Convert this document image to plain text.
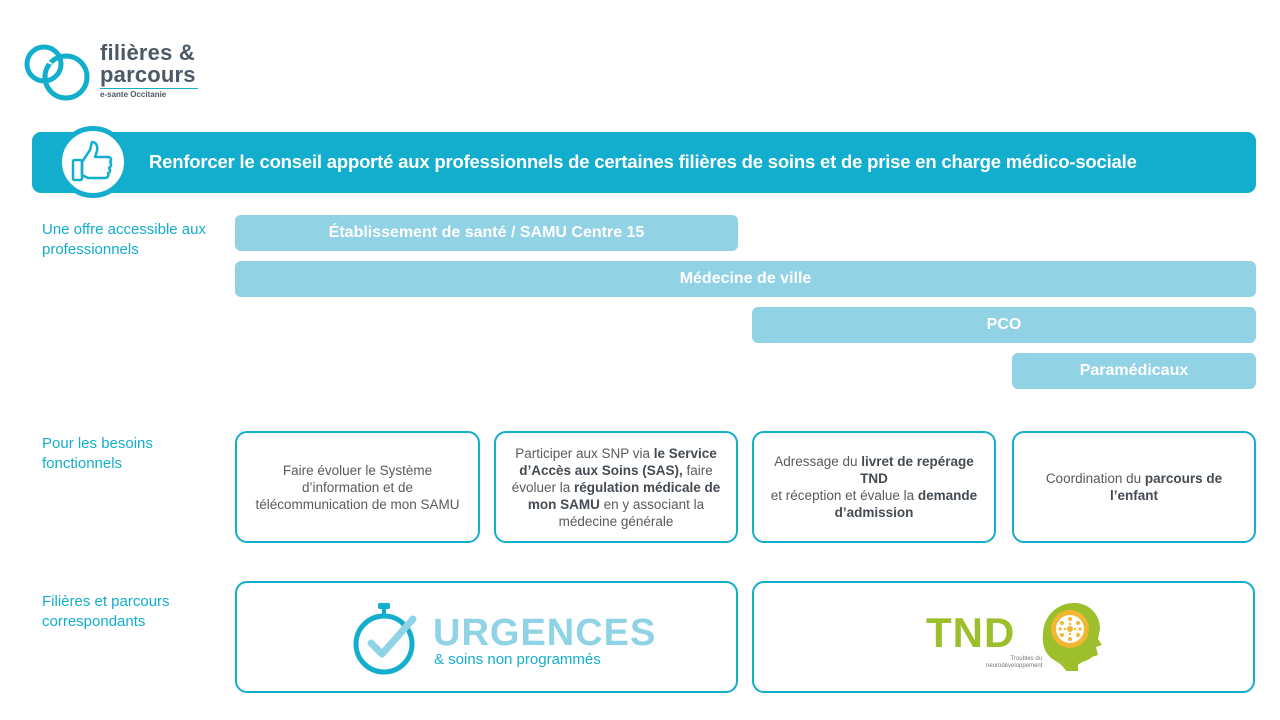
filières &
parcours
e-sante Occitanie
Renforcer le conseil apporté aux professionnels de certaines filières de soins et de prise en charge médico-sociale
Une offre accessible aux professionnels
Pour les besoins fonctionnels
Filières et parcours correspondants
Établissement de santé / SAMU Centre 15
Médecine de ville
PCO
Paramédicaux
Faire évoluer le Système d’information et de télécommunication de mon SAMU
Participer aux SNP via le Service d’Accès aux Soins (SAS), faire évoluer la régulation médicale de mon SAMU en y associant la médecine générale
Adressage du livret de repérage TND
et réception et évalue la demande d’admission
Coordination du parcours de l’enfant
URGENCES
& soins non programmés
TND
Troubles du neurodéveloppement
